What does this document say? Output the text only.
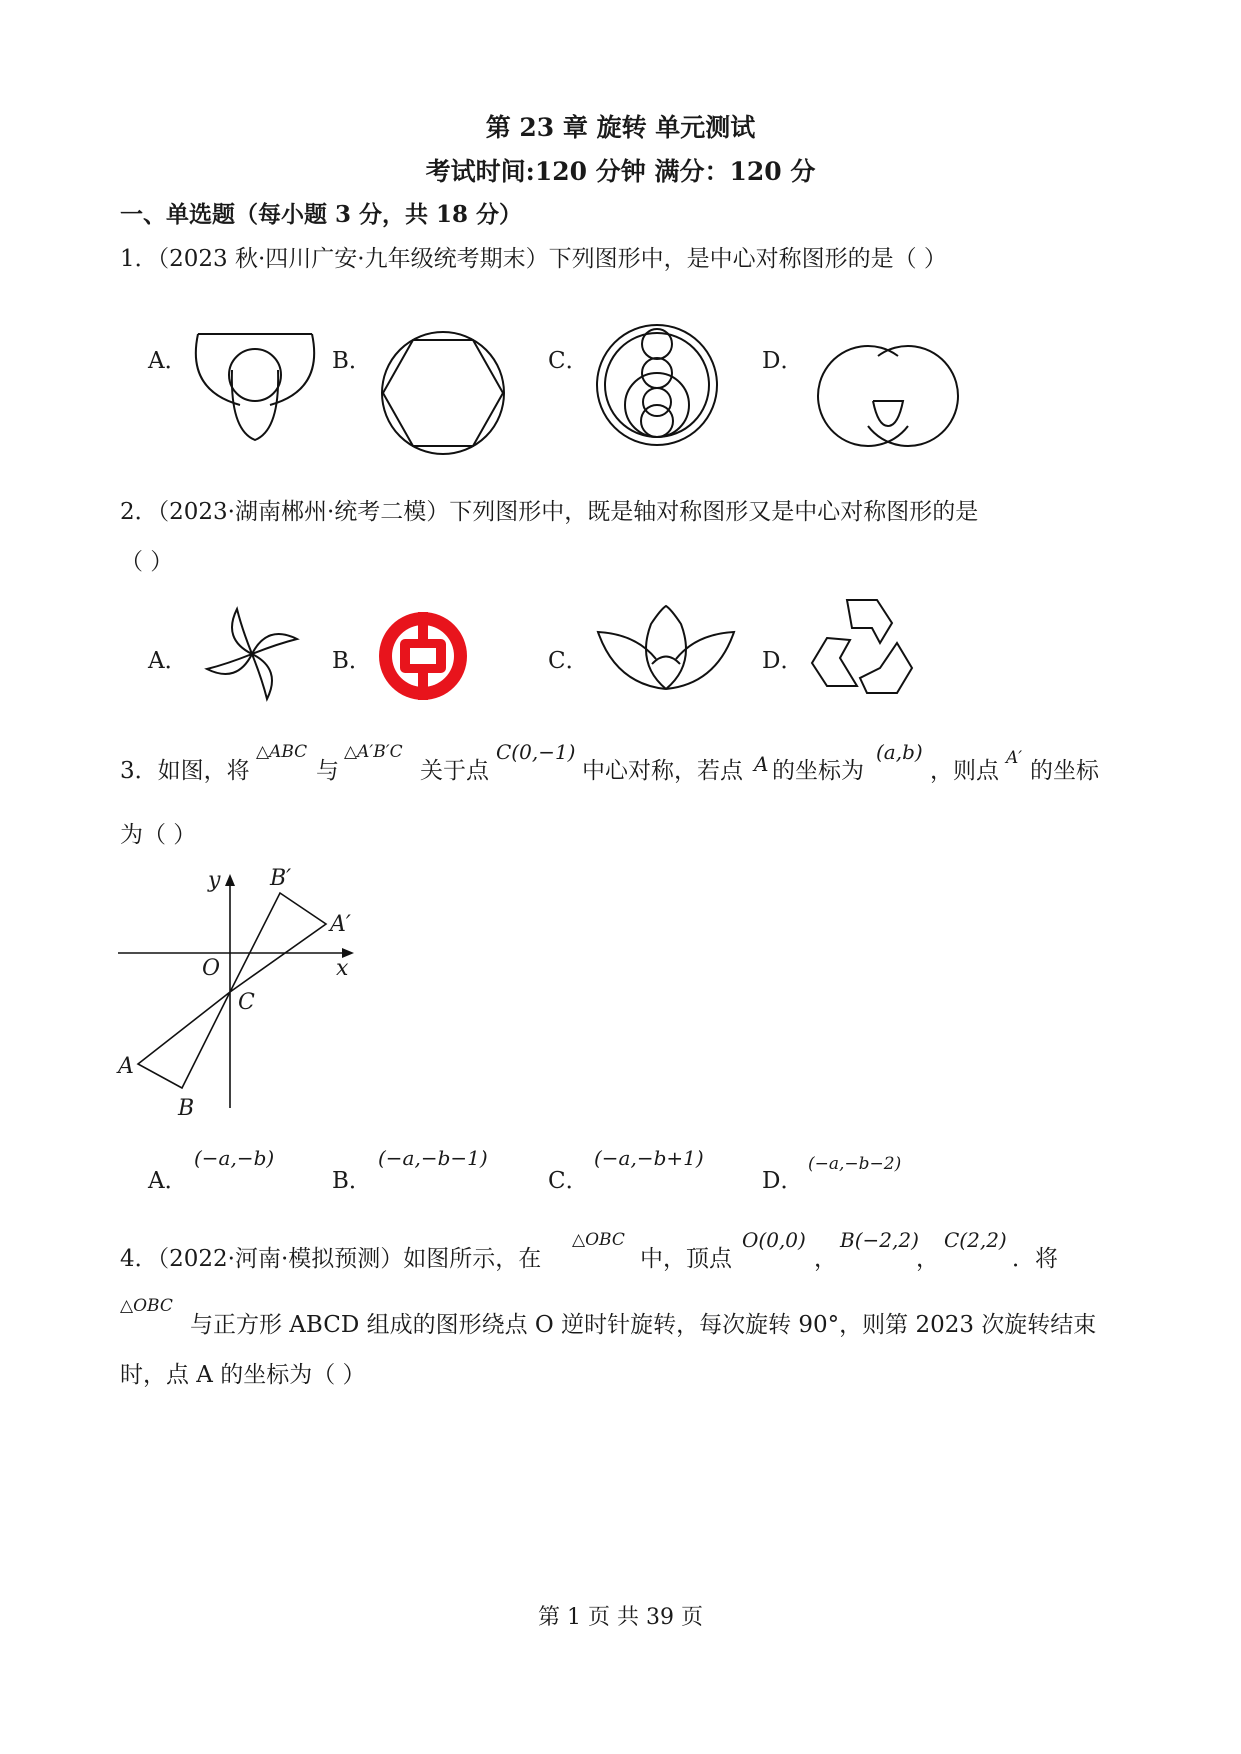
第 23 章 旋转 单元测试
考试时间:120 分钟 满分：120 分
一、单选题（每小题 3 分，共 18 分）
1．（2023 秋·四川广安·九年级统考期末）下列图形中，是中心对称图形的是（ ）
A．	B．	C．	D．
2．（2023·湖南郴州·统考二模）下列图形中，既是轴对称图形又是中心对称图形的是
（ ）
A．	B．	C．	D．
3．如图，将
△ABC
与
△A′B′C
关于点
C(0,−1)
中心对称，若点 A 的坐标为
(a,b)
，则点 A′ 的坐标
为（ ）
y B′
A′
O	x
C
A
B
A．
(−a,−b)
B．
(−a,−b−1)
C．
(−a,−b+1)
D．
(−a,−b−2)
4．（2022·河南·模拟预测）如图所示，在
△OBC
中，顶点
O(0,0)
，
B(−2,2)
，
C(2,2)
．将
△OBC
与正方形 ABCD 组成的图形绕点 O 逆时针旋转，每次旋转 90°，则第 2023 次旋转结束
时，点 A 的坐标为（ ）
第 1 页 共 39 页
